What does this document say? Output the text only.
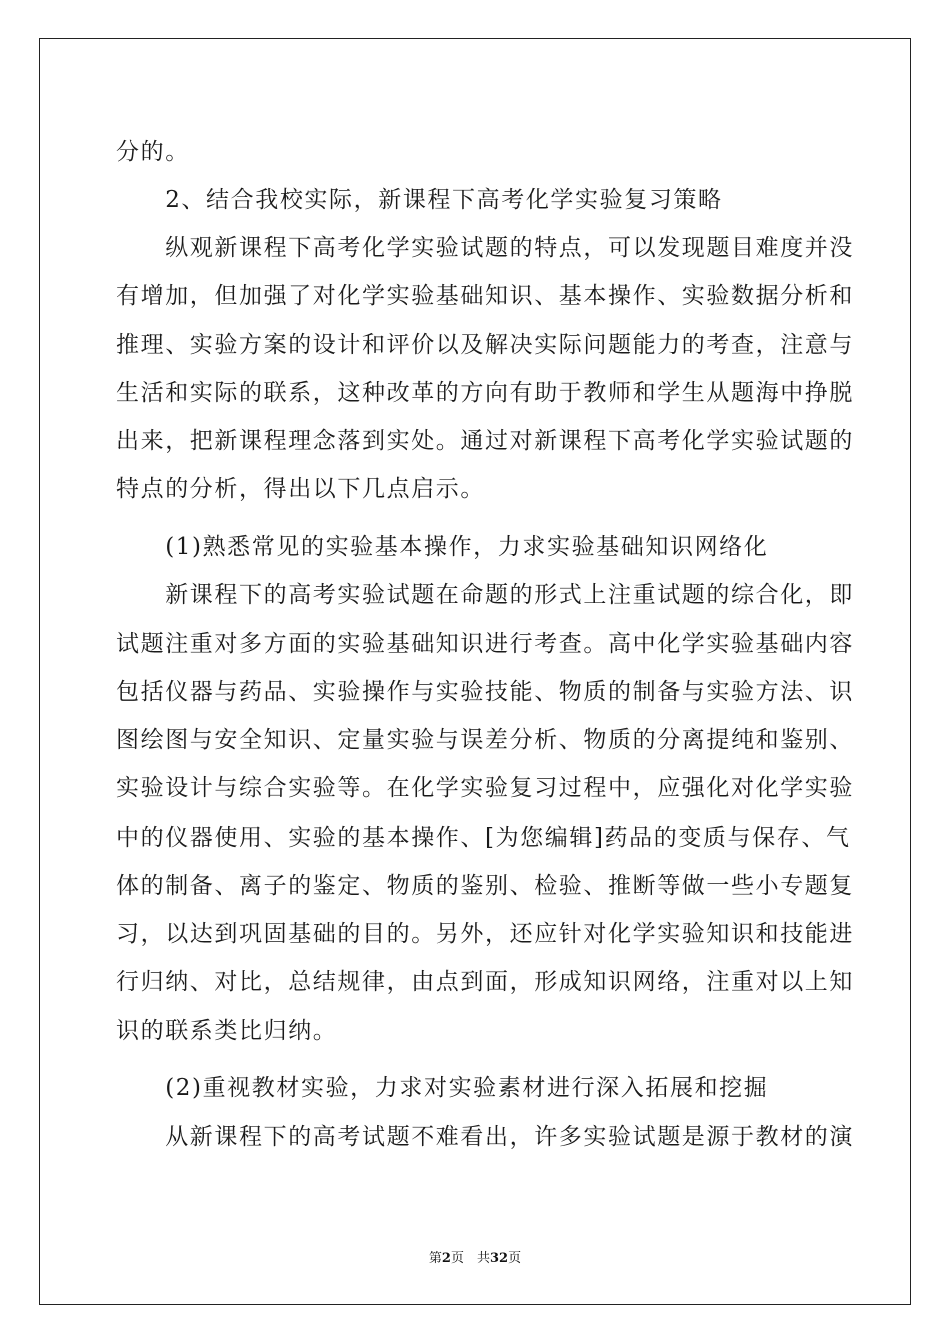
分的。
　　2、结合我校实际，新课程下高考化学实验复习策略
　　纵观新课程下高考化学实验试题的特点，可以发现题目难度并没
有增加，但加强了对化学实验基础知识、基本操作、实验数据分析和
推理、实验方案的设计和评价以及解决实际问题能力的考查，注意与
生活和实际的联系，这种改革的方向有助于教师和学生从题海中挣脱
出来，把新课程理念落到实处。通过对新课程下高考化学实验试题的
特点的分析，得出以下几点启示。
　　(1)熟悉常见的实验基本操作，力求实验基础知识网络化
　　新课程下的高考实验试题在命题的形式上注重试题的综合化，即
试题注重对多方面的实验基础知识进行考查。高中化学实验基础内容
包括仪器与药品、实验操作与实验技能、物质的制备与实验方法、识
图绘图与安全知识、定量实验与误差分析、物质的分离提纯和鉴别、
实验设计与综合实验等。在化学实验复习过程中，应强化对化学实验
中的仪器使用、实验的基本操作、[为您编辑]药品的变质与保存、气
体的制备、离子的鉴定、物质的鉴别、检验、推断等做一些小专题复
习，以达到巩固基础的目的。另外，还应针对化学实验知识和技能进
行归纳、对比，总结规律，由点到面，形成知识网络，注重对以上知
识的联系类比归纳。
　　(2)重视教材实验，力求对实验素材进行深入拓展和挖掘
　　从新课程下的高考试题不难看出，许多实验试题是源于教材的演
第2页　共32页
